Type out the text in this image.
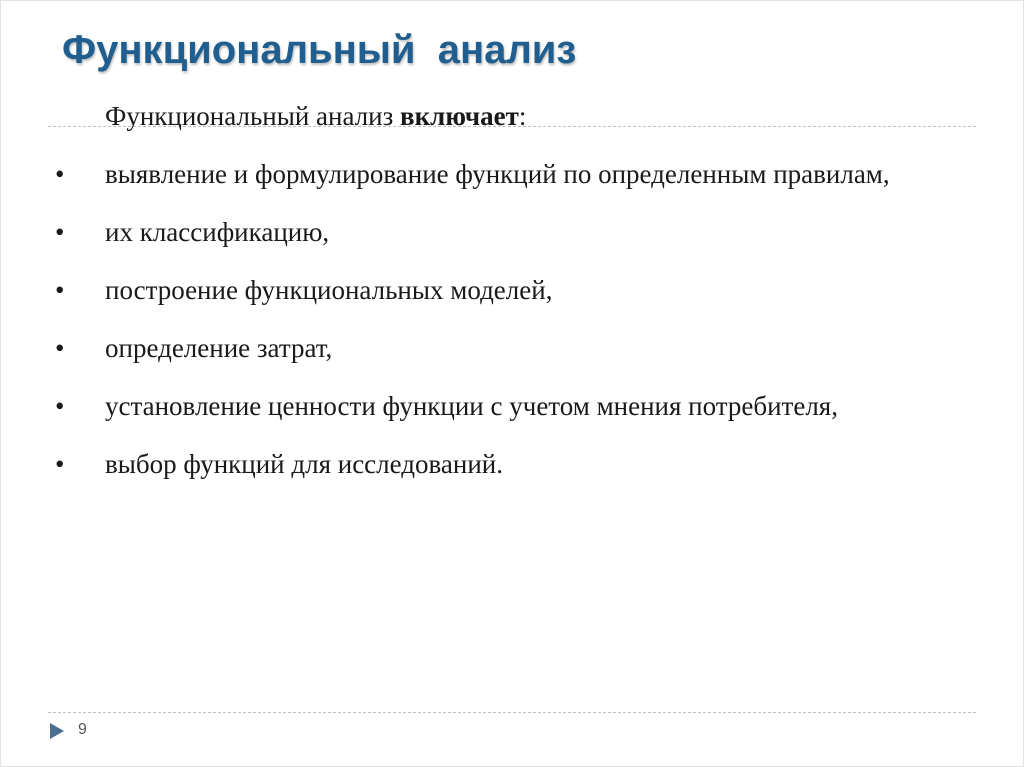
Функциональный  анализ

Функциональный анализ включает:

•	выявление и формулирование функций по определенным правилам,

•	их классификацию,

•	построение функциональных моделей,

•	определение затрат,

•	установление ценности функции с учетом мнения потребителя,

•	выбор функций для исследований.

9
